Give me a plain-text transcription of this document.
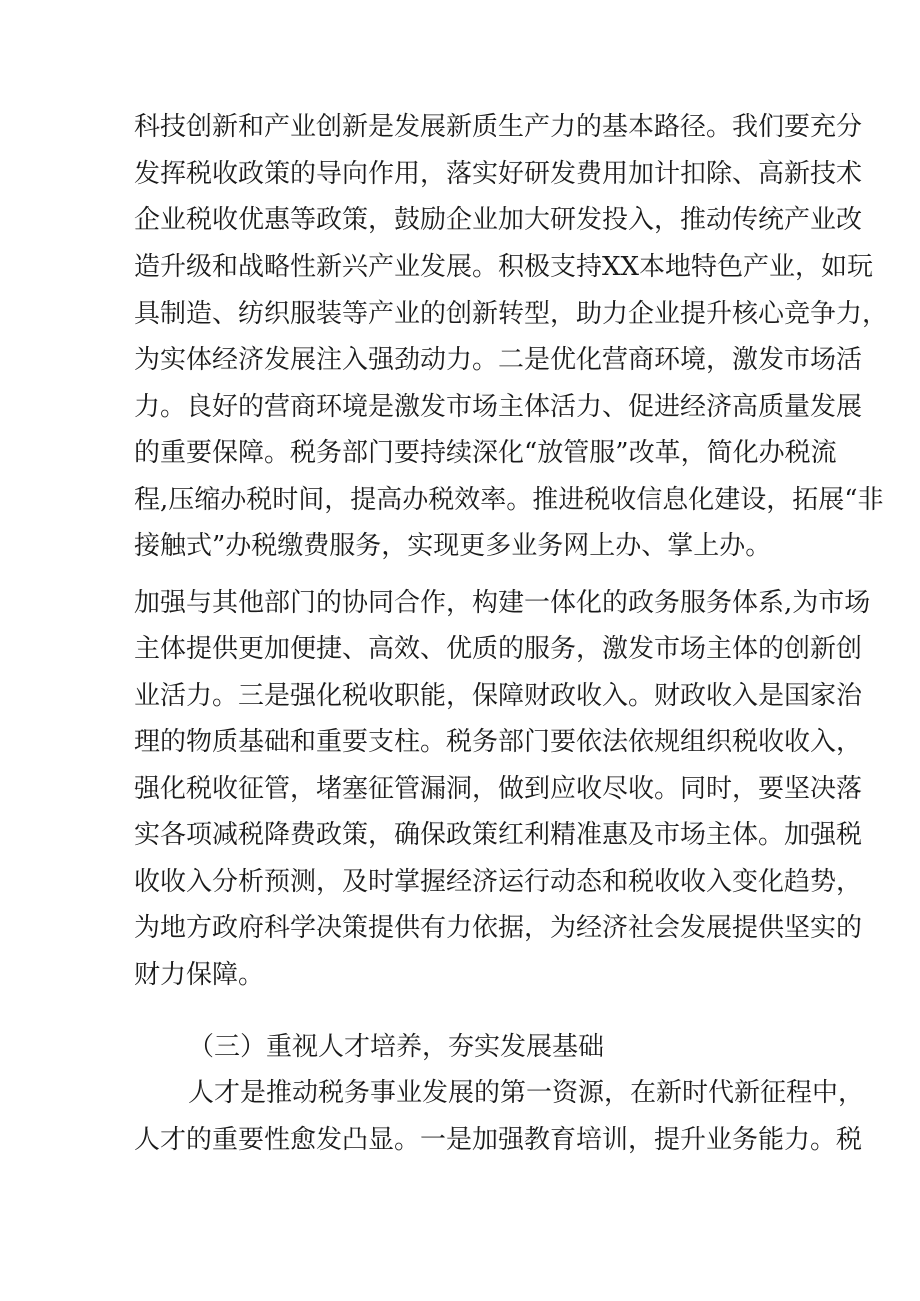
科技创新和产业创新是发展新质生产力的基本路径。我们要充分
发挥税收政策的导向作用，落实好研发费用加计扣除、高新技术
企业税收优惠等政策，鼓励企业加大研发投入，推动传统产业改
造升级和战略性新兴产业发展。积极支持XX本地特色产业，如玩
具制造、纺织服装等产业的创新转型，助力企业提升核心竞争力，
为实体经济发展注入强劲动力。二是优化营商环境，激发市场活
力。良好的营商环境是激发市场主体活力、促进经济高质量发展
的重要保障。税务部门要持续深化“放管服”改革，简化办税流
程,压缩办税时间，提高办税效率。推进税收信息化建设，拓展“非
接触式”办税缴费服务，实现更多业务网上办、掌上办。
加强与其他部门的协同合作，构建一体化的政务服务体系,为市场
主体提供更加便捷、高效、优质的服务，激发市场主体的创新创
业活力。三是强化税收职能，保障财政收入。财政收入是国家治
理的物质基础和重要支柱。税务部门要依法依规组织税收收入，
强化税收征管，堵塞征管漏洞，做到应收尽收。同时，要坚决落
实各项减税降费政策，确保政策红利精准惠及市场主体。加强税
收收入分析预测，及时掌握经济运行动态和税收收入变化趋势，
为地方政府科学决策提供有力依据，为经济社会发展提供坚实的
财力保障。
（三）重视人才培养，夯实发展基础
人才是推动税务事业发展的第一资源，在新时代新征程中，
人才的重要性愈发凸显。一是加强教育培训，提升业务能力。税
